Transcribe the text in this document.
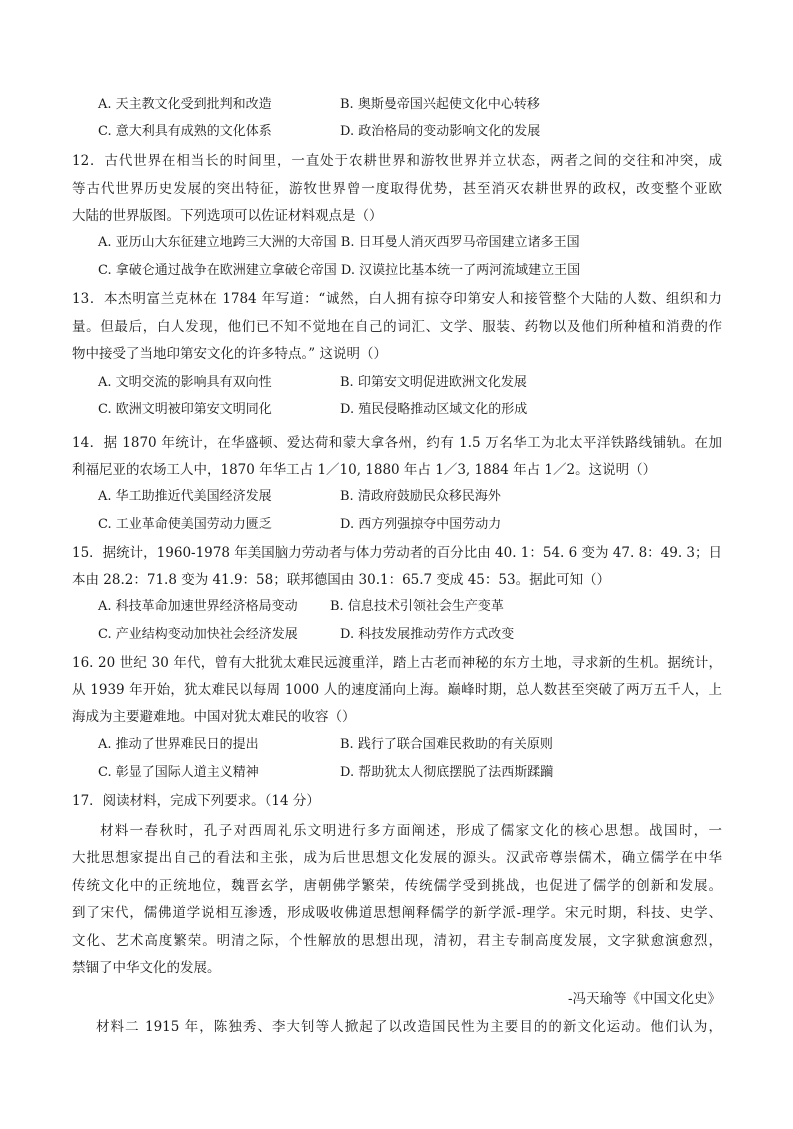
A. 天主教文化受到批判和改造	B. 奥斯曼帝国兴起使文化中心转移
C. 意大利具有成熟的文化体系	D. 政治格局的变动影响文化的发展
12．古代世界在相当长的时间里，一直处于农耕世界和游牧世界并立状态，两者之间的交往和冲突，成
等古代世界历史发展的突出特征，游牧世界曾一度取得优势，甚至消灭农耕世界的政权，改变整个亚欧
大陆的世界版图。下列选项可以佐证材料观点是（）
A. 亚历山大东征建立地跨三大洲的大帝国 B. 日耳曼人消灭西罗马帝国建立诸多王国
C. 拿破仑通过战争在欧洲建立拿破仑帝国 D. 汉谟拉比基本统一了两河流域建立王国
13．本杰明富兰克林在 1784 年写道：“诚然，白人拥有掠夺印第安人和接管整个大陆的人数、组织和力
量。但最后，白人发现，他们已不知不觉地在自己的词汇、文学、服装、药物以及他们所种植和消费的作
物中接受了当地印第安文化的许多特点。” 这说明（）
A. 文明交流的影响具有双向性	B. 印第安文明促进欧洲文化发展
C. 欧洲文明被印第安文明同化	D. 殖民侵略推动区域文化的形成
14．据 1870 年统计，在华盛顿、爱达荷和蒙大拿各州，约有 1.5 万名华工为北太平洋铁路线铺轨。在加
利福尼亚的农场工人中，1870 年华工占 1／10, 1880 年占 1／3, 1884 年占 1／2。这说明（）
A. 华工助推近代美国经济发展	B. 清政府鼓励民众移民海外
C. 工业革命使美国劳动力匮乏	D. 西方列强掠夺中国劳动力
15．据统计，1960-1978 年美国脑力劳动者与体力劳动者的百分比由 40. 1：54. 6 变为 47. 8：49. 3；日
本由 28.2：71.8 变为 41.9：58；联邦德国由 30.1：65.7 变成 45：53。据此可知（）
A. 科技革命加速世界经济格局变动 B. 信息技术引领社会生产变革
C. 产业结构变动加快社会经济发展	D. 科技发展推动劳作方式改变
16. 20 世纪 30 年代，曾有大批犹太难民远渡重洋，踏上古老而神秘的东方土地，寻求新的生机。据统计，
从 1939 年开始，犹太难民以每周 1000 人的速度涌向上海。巅峰时期，总人数甚至突破了两万五千人，上
海成为主要避难地。中国对犹太难民的收容（）
A. 推动了世界难民日的提出	B. 践行了联合国难民救助的有关原则
C. 彰显了国际人道主义精神	D. 帮助犹太人彻底摆脱了法西斯蹂躏
17．阅读材料，完成下列要求。（14 分）
材料一春秋时，孔子对西周礼乐文明进行多方面阐述，形成了儒家文化的核心思想。战国时，一
大批思想家提出自己的看法和主张，成为后世思想文化发展的源头。汉武帝尊崇儒术，确立儒学在中华
传统文化中的正统地位，魏晋玄学，唐朝佛学繁荣，传统儒学受到挑战，也促进了儒学的创新和发展。
到了宋代，儒佛道学说相互渗透，形成吸收佛道思想阐释儒学的新学派-理学。宋元时期，科技、史学、
文化、艺术高度繁荣。明清之际，个性解放的思想出现，清初，君主专制高度发展，文字狱愈演愈烈，
禁锢了中华文化的发展。
-冯天瑜等《中国文化史》
材料二 1915 年，陈独秀、李大钊等人掀起了以改造国民性为主要目的的新文化运动。他们认为，
